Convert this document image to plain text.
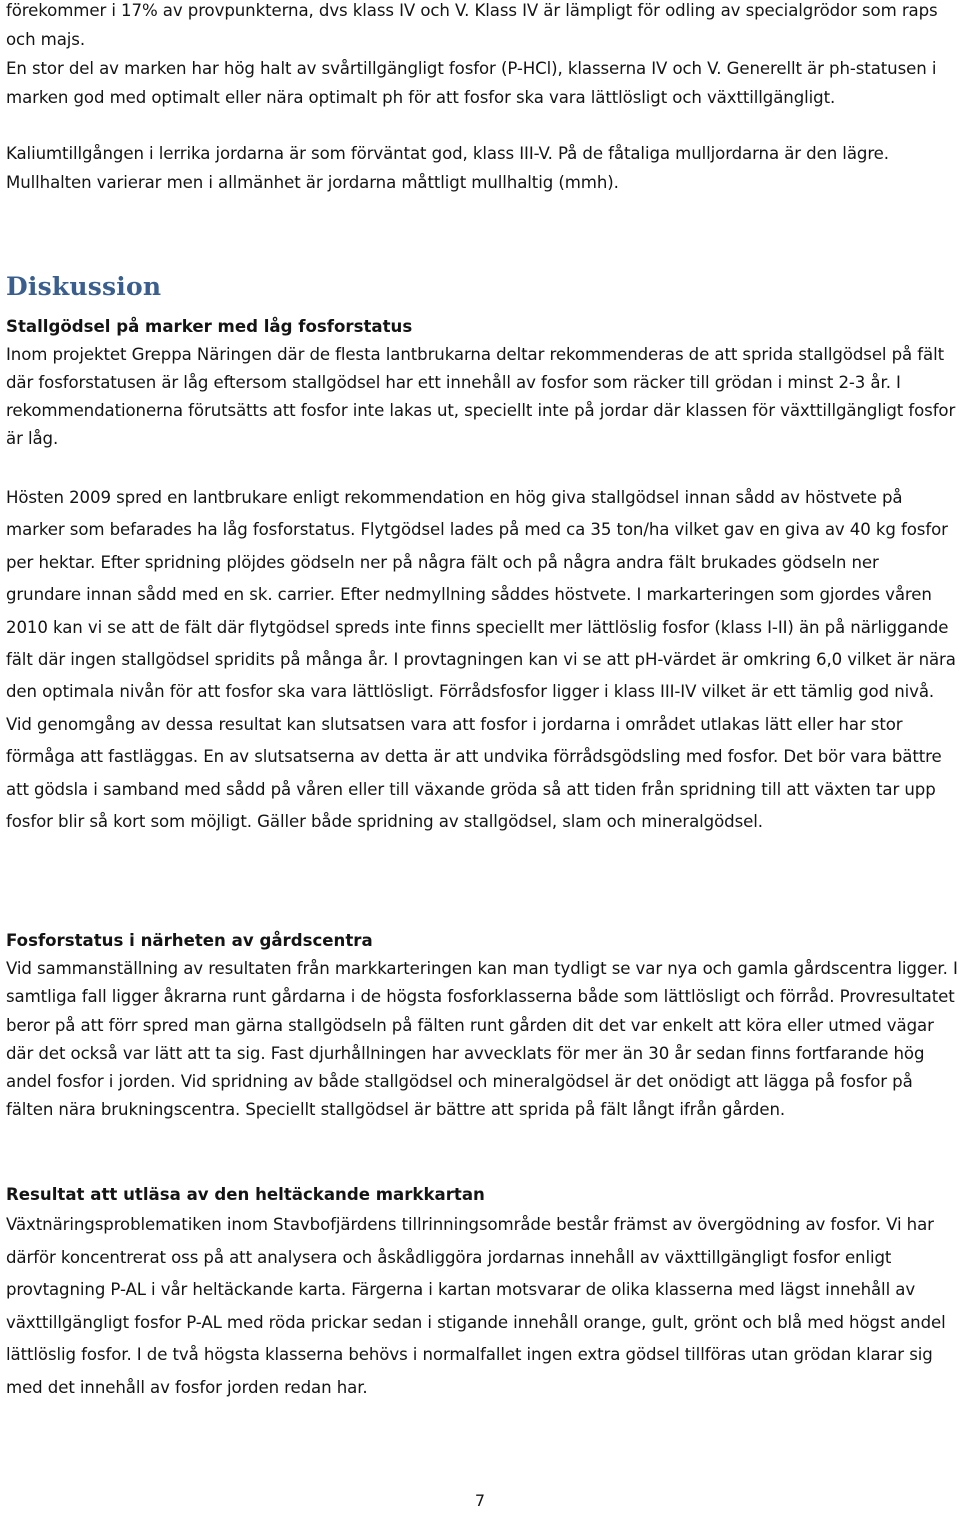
förekommer i 17% av provpunkterna, dvs klass IV och V. Klass IV är lämpligt för odling av specialgrödor som raps och majs.

En stor del av marken har hög halt av svårtillgängligt fosfor (P-HCl), klasserna IV och V. Generellt är ph-statusen i marken god med optimalt eller nära optimalt ph för att fosfor ska vara lättlösligt och växttillgängligt.

Kaliumtillgången i lerrika jordarna är som förväntat god, klass III-V. På de fåtaliga mulljordarna är den lägre. Mullhalten varierar men i allmänhet är jordarna måttligt mullhaltig (mmh).

Diskussion
Stallgödsel på marker med låg fosforstatus

Inom projektet Greppa Näringen där de flesta lantbrukarna deltar rekommenderas de att sprida stallgödsel på fält där fosforstatusen är låg eftersom stallgödsel har ett innehåll av fosfor som räcker till grödan i minst 2-3 år. I rekommendationerna förutsätts att fosfor inte lakas ut, speciellt inte på jordar där klassen för växttillgängligt fosfor är låg.

Hösten 2009 spred en lantbrukare enligt rekommendation en hög giva stallgödsel innan sådd av höstvete på marker som befarades ha låg fosforstatus. Flytgödsel lades på med ca 35 ton/ha vilket gav en giva av 40 kg fosfor per hektar. Efter spridning plöjdes gödseln ner på några fält och på några andra fält brukades gödseln ner grundare innan sådd med en sk. carrier. Efter nedmyllning såddes höstvete. I markarteringen som gjordes våren 2010 kan vi se att de fält där flytgödsel spreds inte finns speciellt mer lättlöslig fosfor (klass I-II) än på närliggande fält där ingen stallgödsel spridits på många år. I provtagningen kan vi se att pH-värdet är omkring 6,0 vilket är nära den optimala nivån för att fosfor ska vara lättlösligt. Förrådsfosfor ligger i klass III-IV vilket är ett tämlig god nivå. Vid genomgång av dessa resultat kan slutsatsen vara att fosfor i jordarna i området utlakas lätt eller har stor förmåga att fastläggas. En av slutsatserna av detta är att undvika förrådsgödsling med fosfor. Det bör vara bättre att gödsla i samband med sådd på våren eller till växande gröda så att tiden från spridning till att växten tar upp fosfor blir så kort som möjligt. Gäller både spridning av stallgödsel, slam och mineralgödsel.

Fosforstatus i närheten av gårdscentra

Vid sammanställning av resultaten från markkarteringen kan man tydligt se var nya och gamla gårdscentra ligger. I samtliga fall ligger åkrarna runt gårdarna i de högsta fosforklasserna både som lättlösligt och förråd. Provresultatet beror på att förr spred man gärna stallgödseln på fälten runt gården dit det var enkelt att köra eller utmed vägar där det också var lätt att ta sig. Fast djurhållningen har avvecklats för mer än 30 år sedan finns fortfarande hög andel fosfor i jorden. Vid spridning av både stallgödsel och mineralgödsel är det onödigt att lägga på fosfor på fälten nära brukningscentra. Speciellt stallgödsel är bättre att sprida på fält långt ifrån gården.

Resultat att utläsa av den heltäckande markkartan

Växtnäringsproblematiken inom Stavbofjärdens tillrinningsområde består främst av övergödning av fosfor. Vi har därför koncentrerat oss på att analysera och åskådliggöra jordarnas innehåll av växttillgängligt fosfor enligt provtagning P-AL i vår heltäckande karta. Färgerna i kartan motsvarar de olika klasserna med lägst innehåll av växttillgängligt fosfor P-AL med röda prickar sedan i stigande innehåll orange, gult, grönt och blå med högst andel lättlöslig fosfor. I de två högsta klasserna behövs i normalfallet ingen extra gödsel tillföras utan grödan klarar sig med det innehåll av fosfor jorden redan har.

7
